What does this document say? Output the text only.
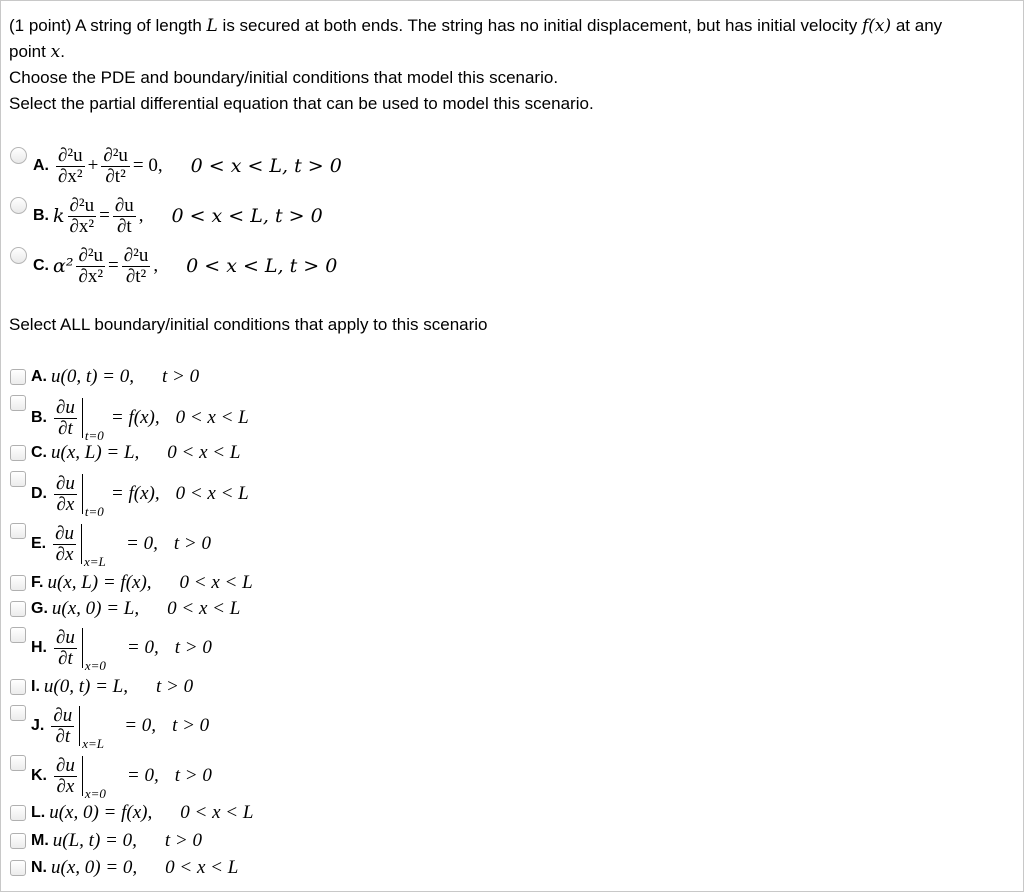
(1 point) A string of length L is secured at both ends. The string has no initial displacement, but has initial velocity f(x) at any

point x.

Choose the PDE and boundary/initial conditions that model this scenario.

Select the partial differential equation that can be used to model this scenario.

A. $\frac{\text{∂²u}}{\text{∂x²}} + \frac{\text{∂²u}}{\text{∂t²}} = 0$, 0 < x < L, t > 0
B. k $\frac{\text{∂²u}}{\text{∂x²}} = \frac{\partial u}{\partial t}$ , 0 < x < L, t > 0
C. $\alpha^2 \frac{\text{∂²u}}{\text{∂x²}} = \frac{\text{∂²u}}{\text{∂t²}}$ , 0 < x < L, t > 0
Select ALL boundary/initial conditions that apply to this scenario
A. u(0, t) = 0, t > 0
B. $\frac{\partial u}{\partial t} t=0$
= f(x), 0 < x < L
C. u(x, L) = L, 0 < x < L
D. $\frac{\partial u}{\partial x} t=0$
= f(x), 0 < x < L
E. $\frac{\partial u}{\partial x} x=L$
= 0, t > 0
F. u(x, L) = f(x), 0 < x < L
G. u(x, 0) = L, 0 < x < L
H. $\frac{\partial u}{\partial t} x=0$
= 0, t > 0
I. u(0, t) = L, t > 0
J. $\frac{\partial u}{\partial t} x=L$
= 0, t > 0
K. $\frac{\partial u}{\partial x} x=0$
= 0, t > 0
L. u(x, 0) = f(x), 0 < x < L
M. u(L, t) = 0, t > 0
N. u(x, 0) = 0, 0 < x < L
